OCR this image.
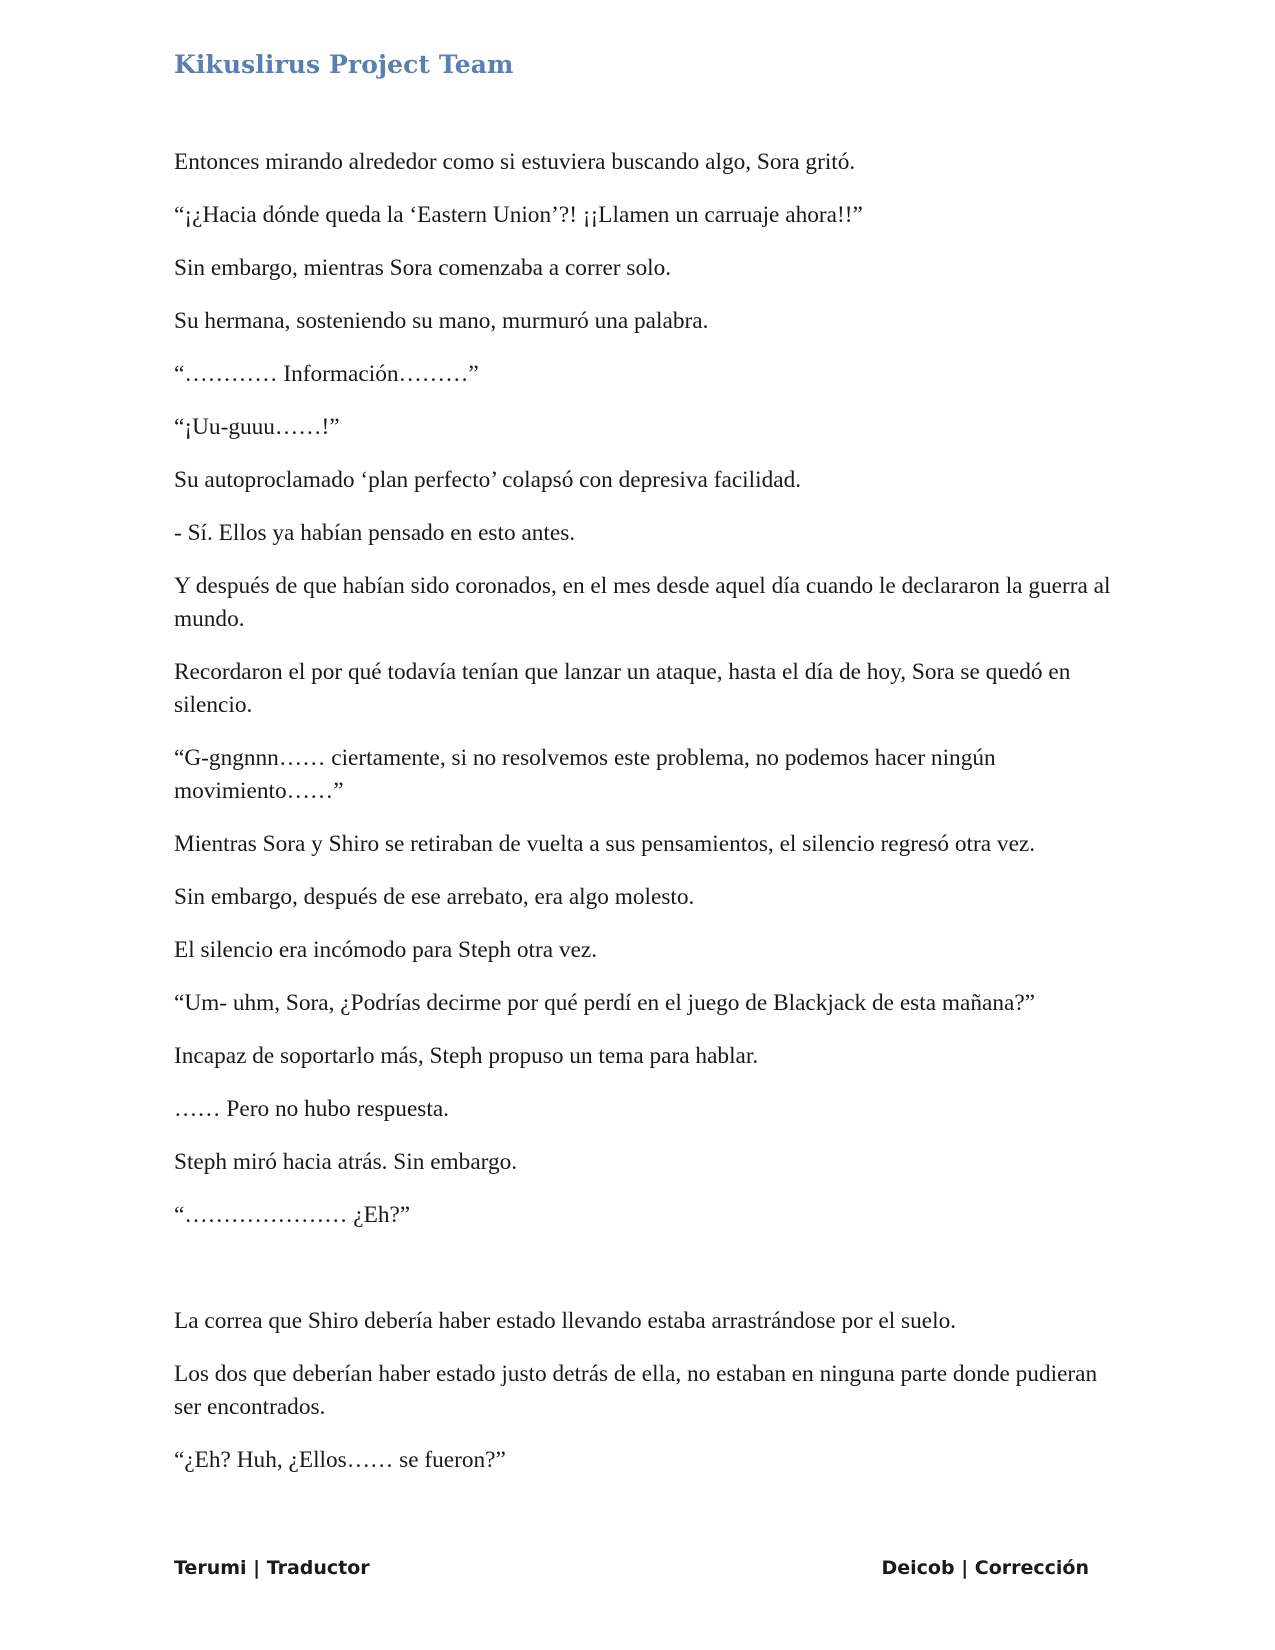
Kikuslirus Project Team

Entonces mirando alrededor como si estuviera buscando algo, Sora gritó.

“¡¿Hacia dónde queda la ‘Eastern Union’?! ¡¡Llamen un carruaje ahora!!”

Sin embargo, mientras Sora comenzaba a correr solo.

Su hermana, sosteniendo su mano, murmuró una palabra.

“………… Información………”

“¡Uu-guuu……!”

Su autoproclamado ‘plan perfecto’ colapsó con depresiva facilidad.

- Sí. Ellos ya habían pensado en esto antes.

Y después de que habían sido coronados, en el mes desde aquel día cuando le declararon la guerra al mundo.

Recordaron el por qué todavía tenían que lanzar un ataque, hasta el día de hoy, Sora se quedó en silencio.

“G-gngnnn…… ciertamente, si no resolvemos este problema, no podemos hacer ningún movimiento……”

Mientras Sora y Shiro se retiraban de vuelta a sus pensamientos, el silencio regresó otra vez.

Sin embargo, después de ese arrebato, era algo molesto.

El silencio era incómodo para Steph otra vez.

“Um- uhm, Sora, ¿Podrías decirme por qué perdí en el juego de Blackjack de esta mañana?”

Incapaz de soportarlo más, Steph propuso un tema para hablar.

…… Pero no hubo respuesta.

Steph miró hacia atrás. Sin embargo.

“………………… ¿Eh?”

La correa que Shiro debería haber estado llevando estaba arrastrándose por el suelo.

Los dos que deberían haber estado justo detrás de ella, no estaban en ninguna parte donde pudieran ser encontrados.

“¿Eh? Huh, ¿Ellos…… se fueron?”

Terumi | Traductor	Deicob | Corrección
